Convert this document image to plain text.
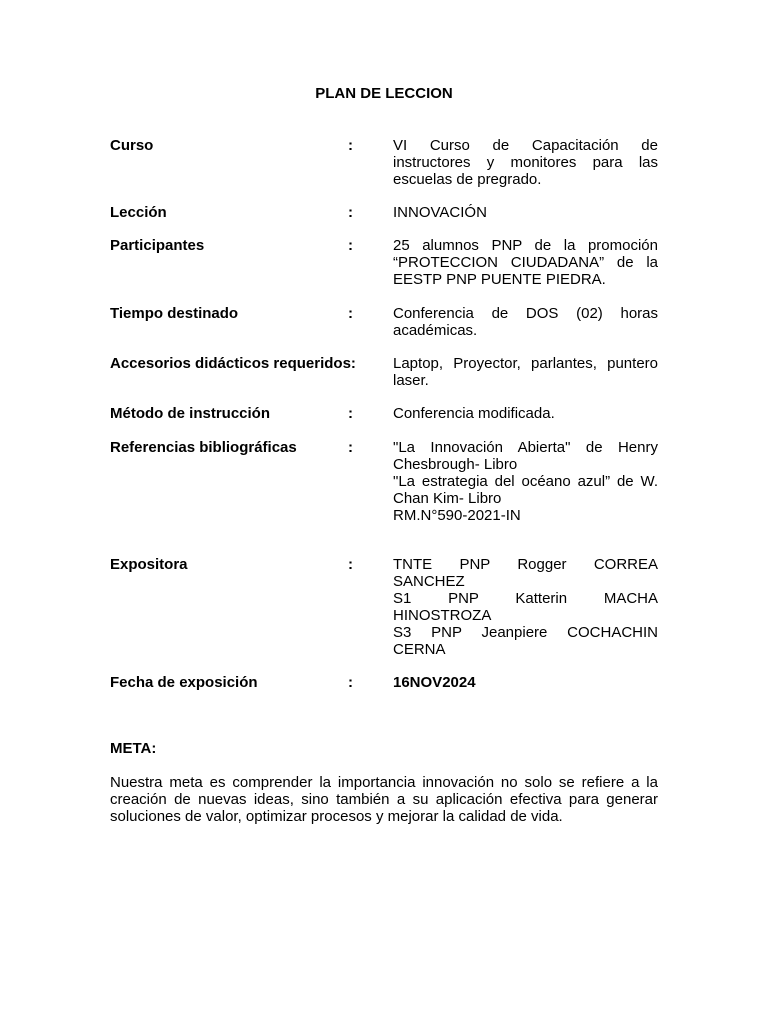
PLAN DE LECCION
Curso	:	VI Curso de Capacitación de instructores y monitores para las escuelas de pregrado.
Lección	:	INNOVACIÓN
Participantes	:	25 alumnos PNP de la promoción “PROTECCION CIUDADANA” de la EESTP PNP PUENTE PIEDRA.
Tiempo destinado	:	Conferencia de DOS (02) horas académicas.
Accesorios didácticos requeridos: Laptop, Proyector, parlantes, puntero laser.
Método de instrucción	:	Conferencia modificada.
Referencias bibliográficas	:	"La Innovación Abierta" de Henry Chesbrough- Libro
"La estrategia del océano azul” de W. Chan Kim- Libro
RM.N°590-2021-IN
Expositora	:	TNTE PNP Rogger CORREA SANCHEZ
S1 PNP Katterin MACHA HINOSTROZA
S3 PNP Jeanpiere COCHACHIN CERNA
Fecha de exposición	:	16NOV2024
META:
Nuestra meta es comprender la importancia innovación no solo se refiere a la creación de nuevas ideas, sino también a su aplicación efectiva para generar soluciones de valor, optimizar procesos y mejorar la calidad de vida.
